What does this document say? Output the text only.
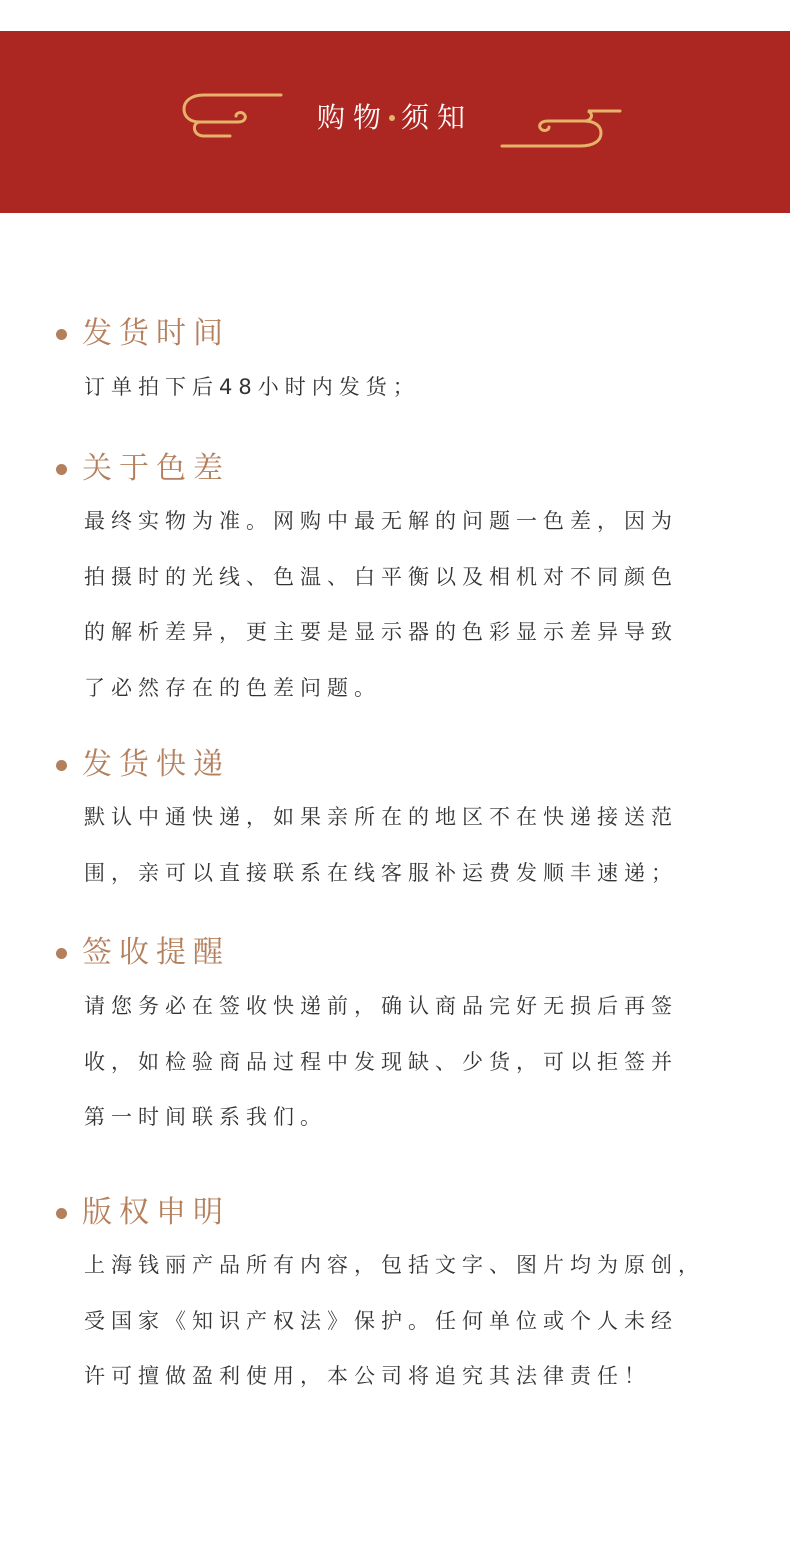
购物 须知
发货时间
订单拍下后48小时内发货；
关于色差
最终实物为准。网购中最无解的问题一色差，因为
拍摄时的光线、色温、白平衡以及相机对不同颜色
的解析差异，更主要是显示器的色彩显示差异导致
了必然存在的色差问题。
发货快递
默认中通快递，如果亲所在的地区不在快递接送范
围，亲可以直接联系在线客服补运费发顺丰速递；
签收提醒
请您务必在签收快递前，确认商品完好无损后再签
收，如检验商品过程中发现缺、少货，可以拒签并
第一时间联系我们。
版权申明
上海钱丽产品所有内容，包括文字、图片均为原创，
受国家《知识产权法》保护。任何单位或个人未经
许可擅做盈利使用，本公司将追究其法律责任！
